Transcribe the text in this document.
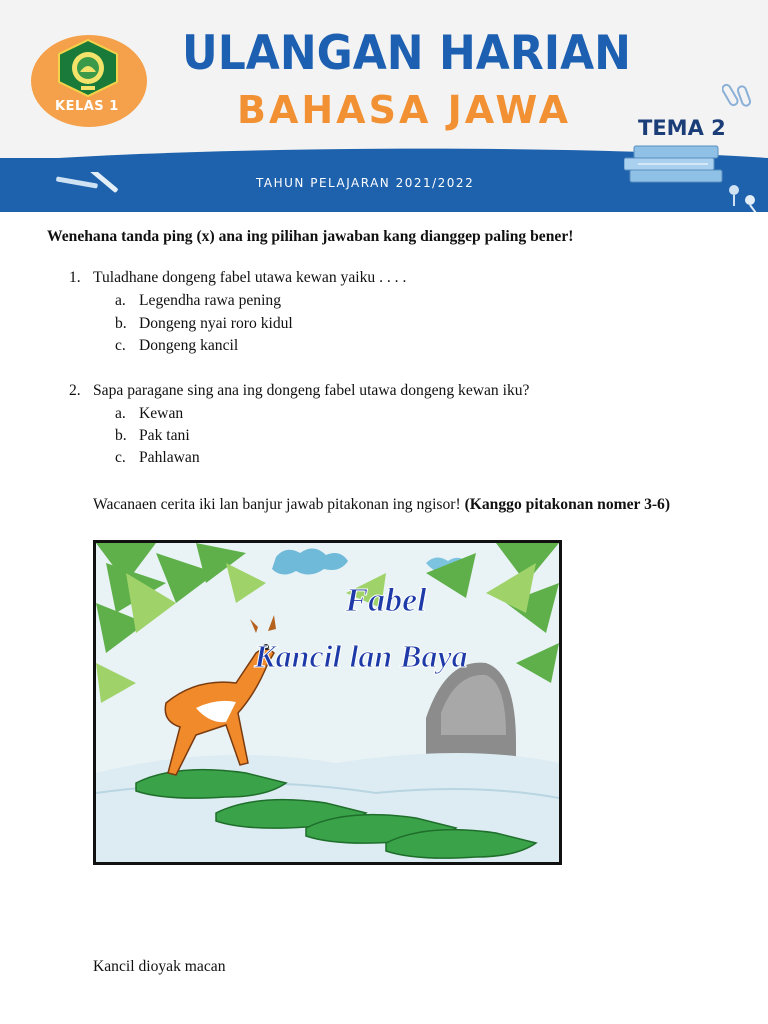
KELAS 1
ULANGAN HARIAN
BAHASA JAWA	TEMA 2
TAHUN PELAJARAN 2021/2022
Wenehana tanda ping (x) ana ing pilihan jawaban kang dianggep paling bener!
1. Tuladhane dongeng fabel utawa kewan yaiku . . . .
a. Legendha rawa pening
b. Dongeng nyai roro kidul
c. Dongeng kancil
2. Sapa paragane sing ana ing dongeng fabel utawa dongeng kewan iku?
a. Kewan
b. Pak tani
c. Pahlawan
Wacanaen cerita iki lan banjur jawab pitakonan ing ngisor! (Kanggo pitakonan nomer 3-6)
Fabel
Kancil lan Baya
Kancil dioyak macan
